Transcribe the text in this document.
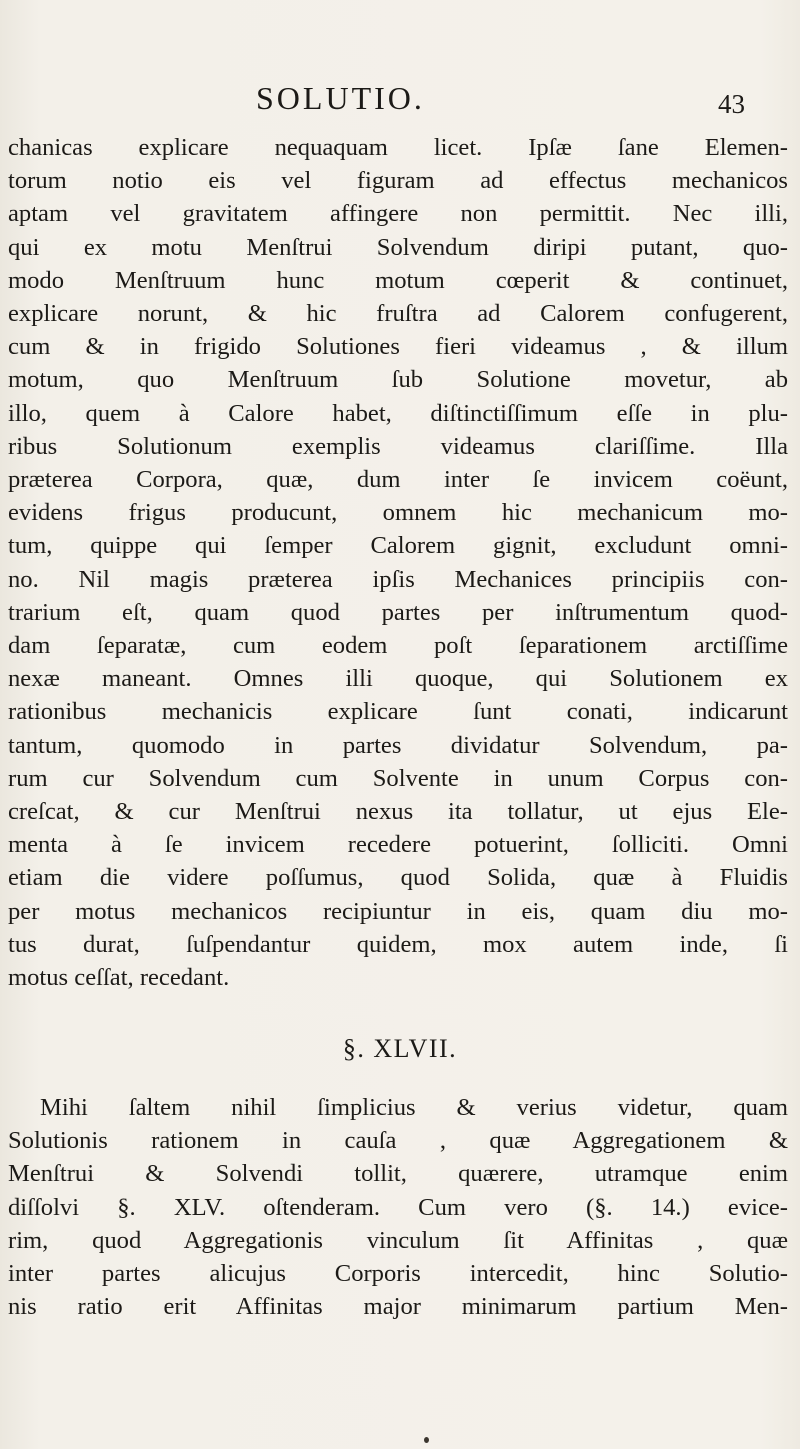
SOLUTIO.	43
chanicas explicare nequaquam licet. Ipſæ ſane Elemen-
torum notio eis vel figuram ad effectus mechanicos
aptam vel gravitatem affingere non permittit. Nec illi,
qui ex motu Menſtrui Solvendum diripi putant, quo-
modo Menſtruum hunc motum cœperit & continuet,
explicare norunt, & hic fruſtra ad Calorem confugerent,
cum & in frigido Solutiones fieri videamus , & illum
motum, quo Menſtruum ſub Solutione movetur, ab
illo, quem à Calore habet, diſtinctiſſimum eſſe in plu-
ribus Solutionum exemplis videamus clariſſime. Illa
præterea Corpora, quæ, dum inter ſe invicem coëunt,
evidens frigus producunt, omnem hic mechanicum mo-
tum, quippe qui ſemper Calorem gignit, excludunt omni-
no. Nil magis præterea ipſis Mechanices principiis con-
trarium eſt, quam quod partes per inſtrumentum quod-
dam ſeparatæ, cum eodem poſt ſeparationem arctiſſime
nexæ maneant. Omnes illi quoque, qui Solutionem ex
rationibus mechanicis explicare ſunt conati, indicarunt
tantum, quomodo in partes dividatur Solvendum, pa-
rum cur Solvendum cum Solvente in unum Corpus con-
creſcat, & cur Menſtrui nexus ita tollatur, ut ejus Ele-
menta à ſe invicem recedere potuerint, ſolliciti. Omni
etiam die videre poſſumus, quod Solida, quæ à Fluidis
per motus mechanicos recipiuntur in eis, quam diu mo-
tus durat, ſuſpendantur quidem, mox autem inde, ſi
motus ceſſat, recedant.
§. XLVII.
Mihi ſaltem nihil ſimplicius & verius videtur, quam
Solutionis rationem in cauſa , quæ Aggregationem &
Menſtrui & Solvendi tollit, quærere, utramque enim
diſſolvi §. XLV. oſtenderam. Cum vero (§. 14.) evice-
rim, quod Aggregationis vinculum ſit Affinitas , quæ
inter partes alicujus Corporis intercedit, hinc Solutio-
nis ratio erit Affinitas major minimarum partium Men-
